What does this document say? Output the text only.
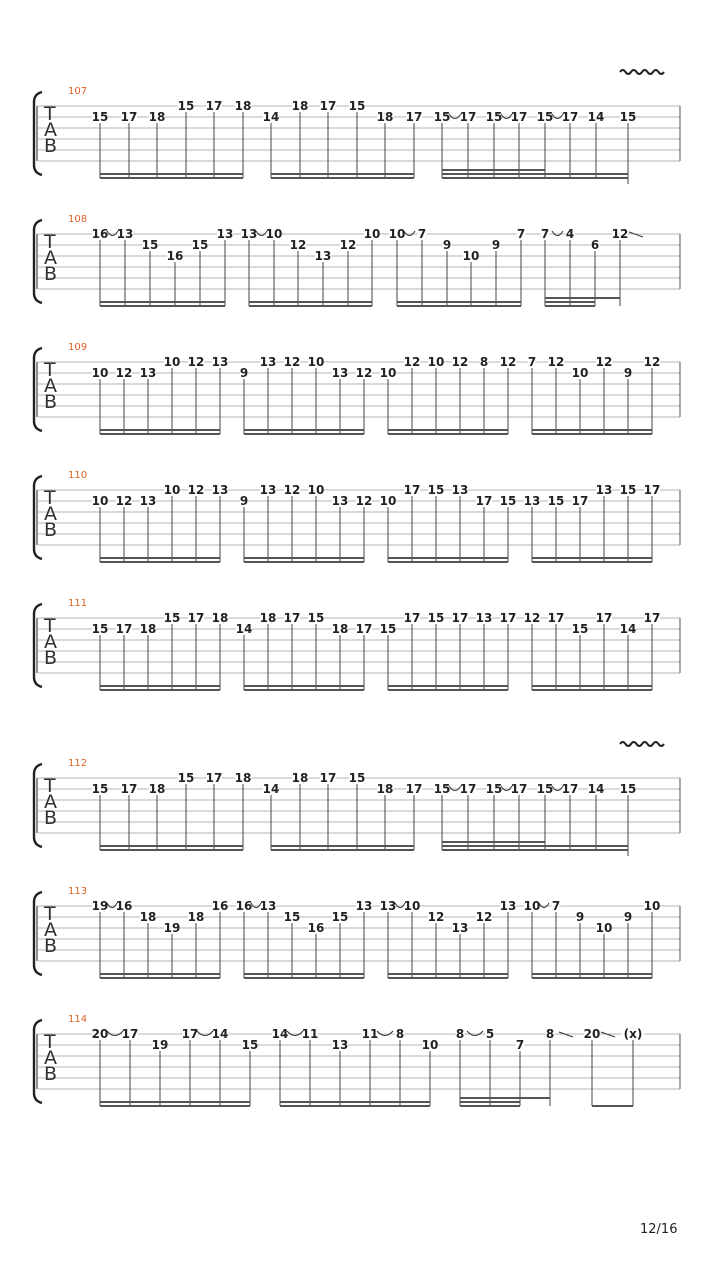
T
A
B
107
15 17 18
15 17 18
14
18 17 15
18 17 15 17 15 17 15 17 14 15
T
A
B
108
16 13
15
16
15
13 13 10
12
13
12
10 10 7
9
10
9
7 7 4
6
12
T
A
B
109
10 12 13
10 12 13
9
13 12 10
13 12 10
12 10 12 8 12 7 12
10
12
9
12
T
A
B
110
10 12 13
10 12 13
9
13 12 10
13 12 10
17 15 13
17 15 13 15 17
13 15 17
T
A
B
111
15 17 18
15 17 18
14
18 17 15
18 17 15
17 15 17 13 17 12 17
15
17
14
17
T
A
B
112
15 17 18
15 17 18
14
18 17 15
18 17 15 17 15 17 15 17 14 15
T
A
B
113
19 16
18
19
18
16 16 13
15
16
15
13 13 10
12
13
12
13 10 7
9
10
9
10
T
A
B
114
20 17
19
17 14
15
14 11
13
11 8
10
8 5
7
8 20 (x)
12/16
